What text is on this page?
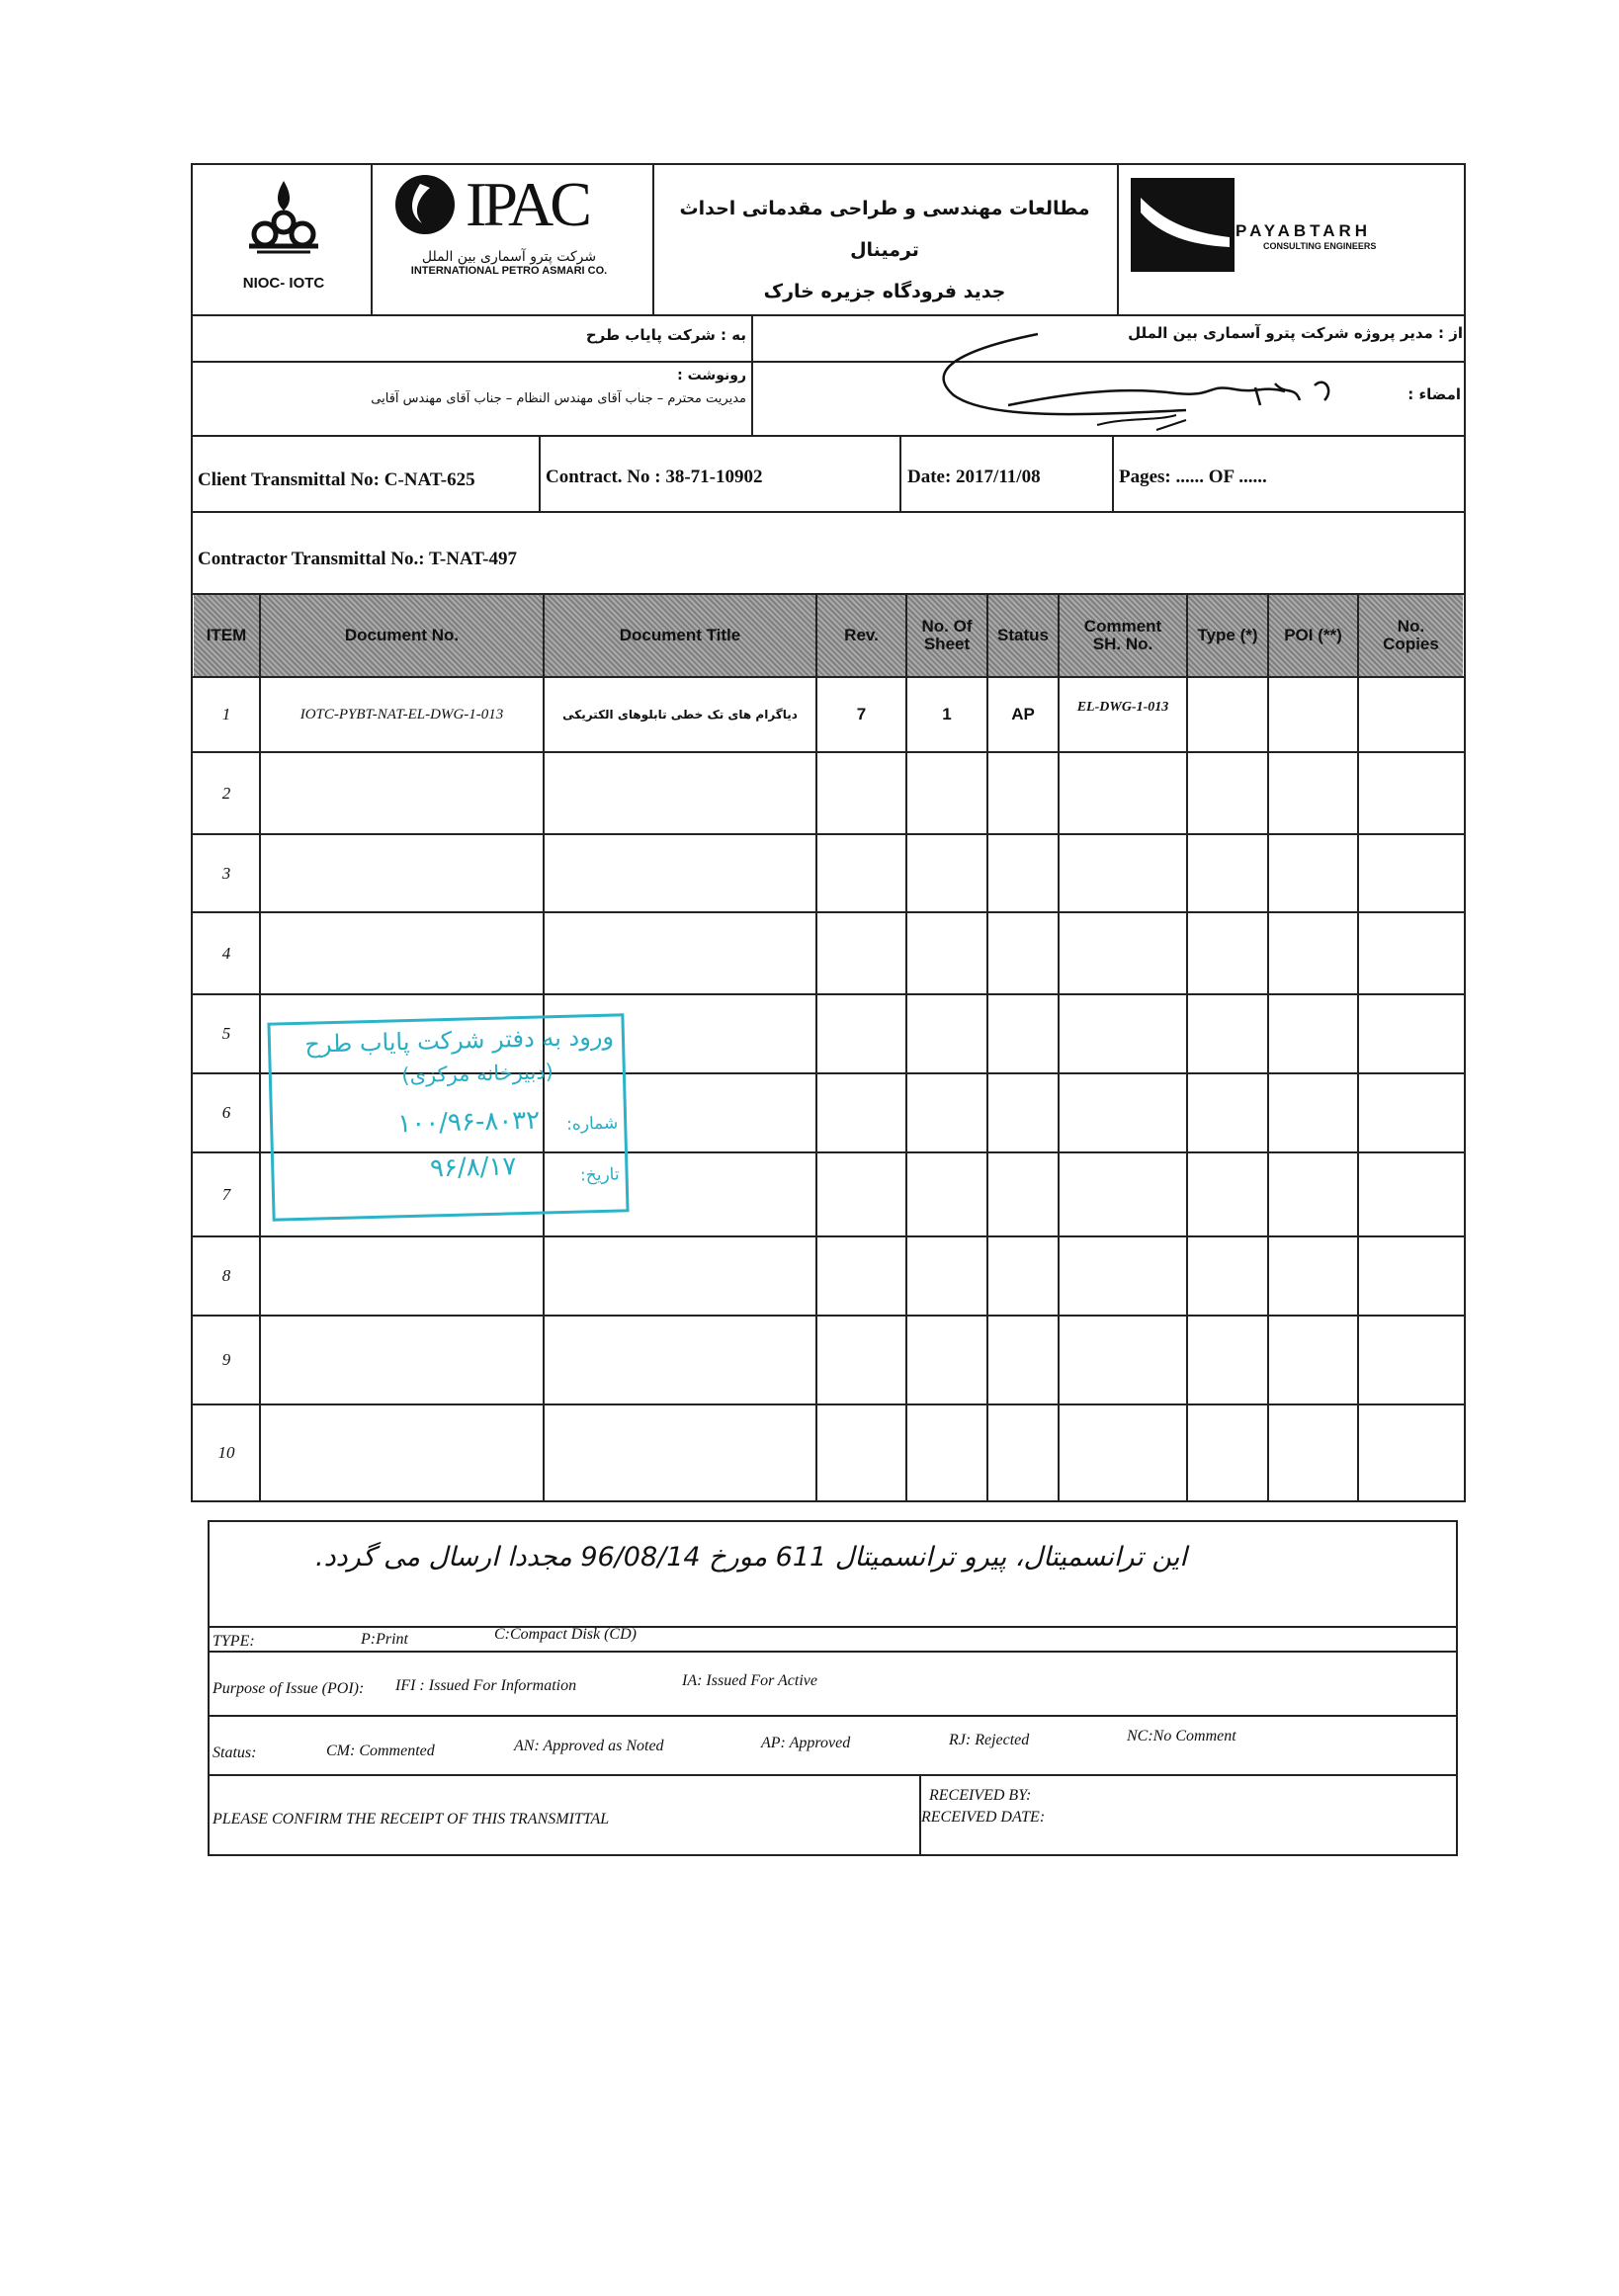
NIOC- IOTC
IPAC
شرکت پترو آسماری بین الملل
INTERNATIONAL PETRO ASMARI CO.
مطالعات مهندسی و طراحی مقدماتی احداث ترمینال
جدید فرودگاه جزیره خارک
PAYABTARH
CONSULTING ENGINEERS
به : شرکت پایاب طرح	از : مدیر پروژه شرکت پترو آسماری بین الملل
رونوشت :
مدیریت محترم – جناب آقای مهندس النظام – جناب آقای مهندس آقایی	امضاء :
Client Transmittal No: C-NAT-625	Contract. No : 38-71-10902	Date: 2017/11/08	Pages: ...... OF ......
Contractor Transmittal No.: T-NAT-497
ITEM	Document No.	Document Title	Rev.	No. Of Sheet	Status	Comment SH. No.	Type (*)	POI (**)	No. Copies
1	IOTC-PYBT-NAT-EL-DWG-1-013	دیاگرام های تک خطی تابلوهای الکتریکی	7	1	AP	EL-DWG-1-013
2
3
4
5
6
7
8
9
10
ورود به دفتر شرکت پایاب طرح
(دبیرخانه مرکزی)
شماره:
۱۰۰/۹۶-۸۰۳۲
تاریخ:
۹۶/۸/۱۷
این ترانسمیتال، پیرو ترانسمیتال 611 مورخ 96/08/14 مجددا ارسال می گردد.
TYPE:	P:Print	C:Compact Disk (CD)
Purpose of Issue (POI): IFI : Issued For Information	IA: Issued For Active
Status:	CM: Commented	AN: Approved as Noted	AP: Approved	RJ: Rejected	NC:No Comment
PLEASE CONFIRM THE RECEIPT OF THIS TRANSMITTAL
RECEIVED BY:
RECEIVED DATE:
